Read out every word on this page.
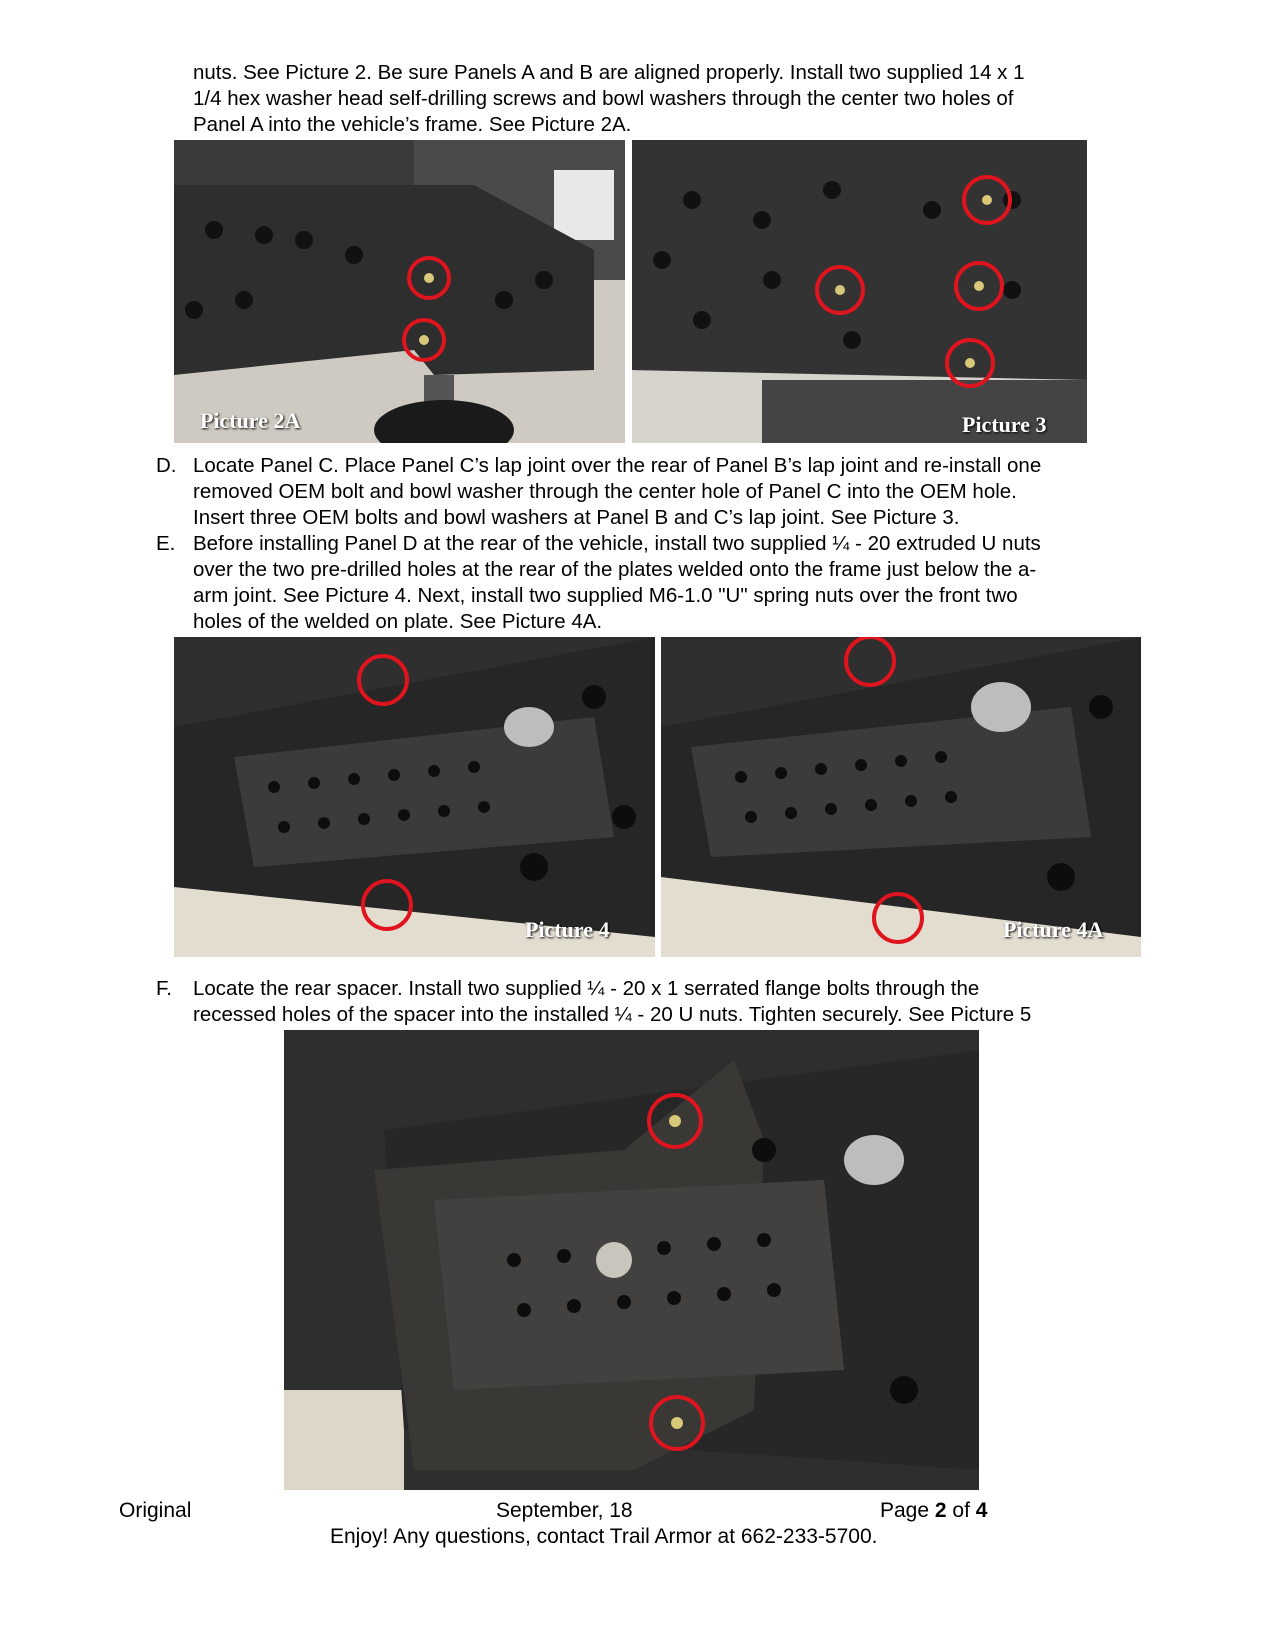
nuts. See Picture 2. Be sure Panels A and B are aligned properly. Install two supplied 14 x 1
1/4 hex washer head self-drilling screws and bowl washers through the center two holes of
Panel A into the vehicle’s frame. See Picture 2A.
Picture 2A	Picture 3
D. Locate Panel C. Place Panel C’s lap joint over the rear of Panel B’s lap joint and re-install one
removed OEM bolt and bowl washer through the center hole of Panel C into the OEM hole.
Insert three OEM bolts and bowl washers at Panel B and C’s lap joint. See Picture 3.
E. Before installing Panel D at the rear of the vehicle, install two supplied ¼ - 20 extruded U nuts
over the two pre-drilled holes at the rear of the plates welded onto the frame just below the a-
arm joint. See Picture 4. Next, install two supplied M6-1.0 "U" spring nuts over the front two
holes of the welded on plate. See Picture 4A.
Picture 4	Picture 4A
F. Locate the rear spacer. Install two supplied ¼ - 20 x 1 serrated flange bolts through the
recessed holes of the spacer into the installed ¼ - 20 U nuts. Tighten securely. See Picture 5
Original	September, 18	Page 2 of 4
Enjoy! Any questions, contact Trail Armor at 662-233-5700.
